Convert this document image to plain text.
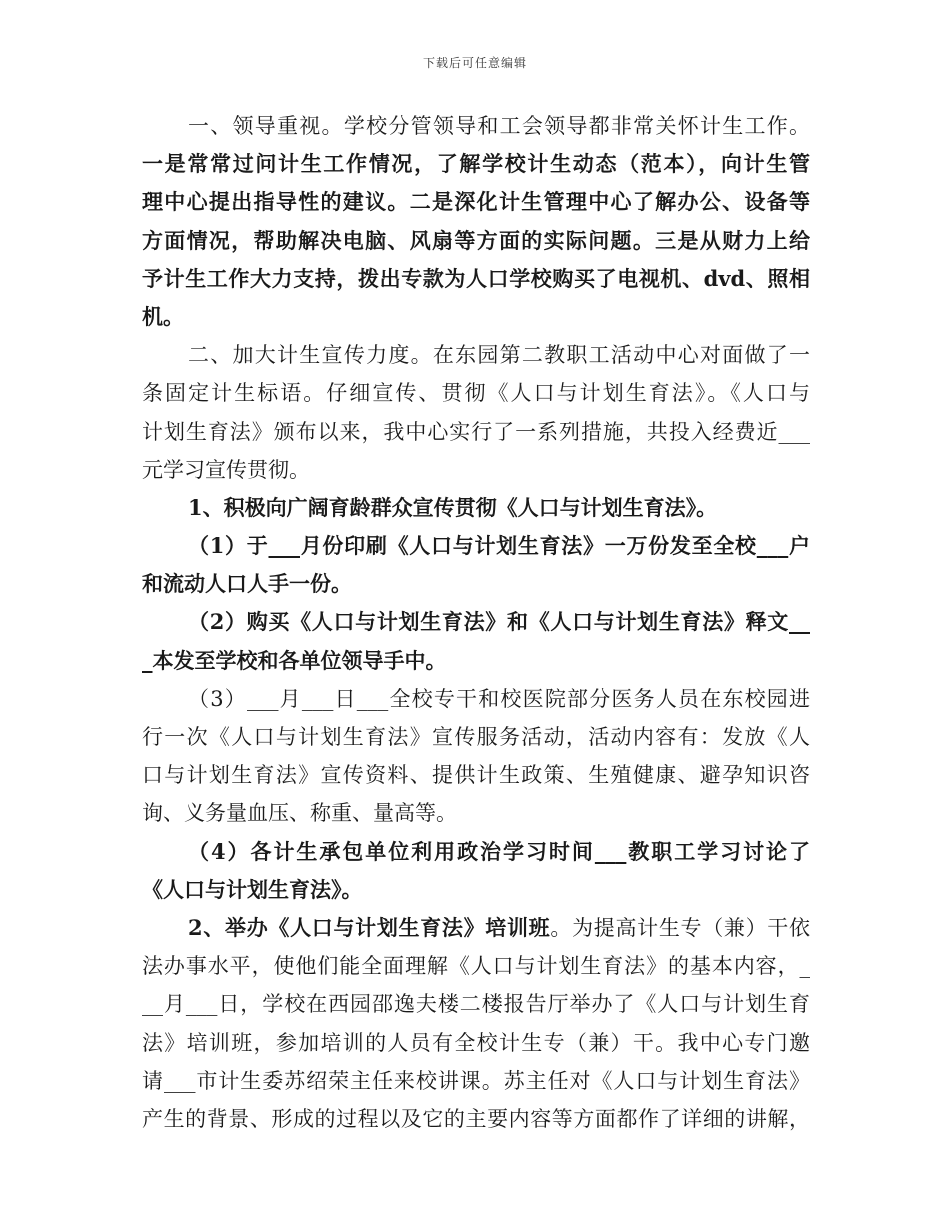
下载后可任意编辑
一、领导重视。学校分管领导和工会领导都非常关怀计生工作。
一是常常过问计生工作情况，了解学校计生动态（范本），向计生管
理中心提出指导性的建议。二是深化计生管理中心了解办公、设备等
方面情况，帮助解决电脑、风扇等方面的实际问题。三是从财力上给
予计生工作大力支持，拨出专款为人口学校购买了电视机、dvd、照相
机。
二、加大计生宣传力度。在东园第二教职工活动中心对面做了一
条固定计生标语。仔细宣传、贯彻《人口与计划生育法》。《人口与
计划生育法》颁布以来，我中心实行了一系列措施，共投入经费近___
元学习宣传贯彻。
1、积极向广阔育龄群众宣传贯彻《人口与计划生育法》。
（1）于___月份印刷《人口与计划生育法》一万份发至全校___户
和流动人口人手一份。
（2）购买《人口与计划生育法》和《人口与计划生育法》释文__
_本发至学校和各单位领导手中。
（3）___月___日___全校专干和校医院部分医务人员在东校园进
行一次《人口与计划生育法》宣传服务活动，活动内容有：发放《人
口与计划生育法》宣传资料、提供计生政策、生殖健康、避孕知识咨
询、义务量血压、称重、量高等。
（4）各计生承包单位利用政治学习时间___教职工学习讨论了
《人口与计划生育法》。
2、举办《人口与计划生育法》培训班。为提高计生专（兼）干依
法办事水平，使他们能全面理解《人口与计划生育法》的基本内容，_
__月___日，学校在西园邵逸夫楼二楼报告厅举办了《人口与计划生育
法》培训班，参加培训的人员有全校计生专（兼）干。我中心专门邀
请___市计生委苏绍荣主任来校讲课。苏主任对《人口与计划生育法》
产生的背景、形成的过程以及它的主要内容等方面都作了详细的讲解，
